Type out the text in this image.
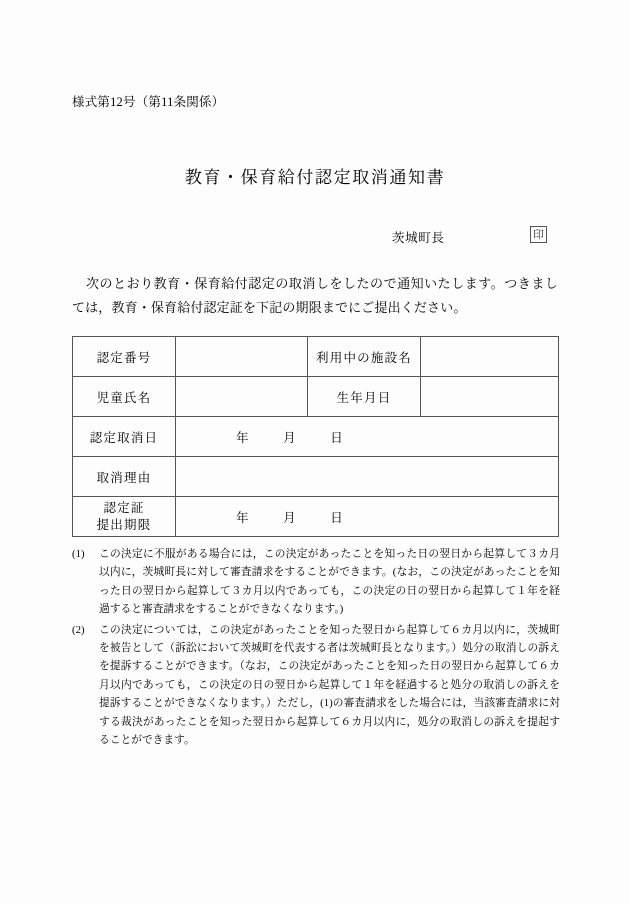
様式第12号（第11条関係）
教育・保育給付認定取消通知書
茨城町長	印
次のとおり教育・保育給付認定の取消しをしたので通知いたします。つきましては，教育・保育給付認定証を下記の期限までにご提出ください。
認定番号		利用中の施設名	
児童氏名		生年月日	
認定取消日	年 月 日		

取消理由			

認定証
提出期限	年 月 日		
(1) この決定に不服がある場合には，この決定があったことを知った日の翌日から起算して３カ月以内に，茨城町長に対して審査請求をすることができます。(なお，この決定があったことを知った日の翌日から起算して３カ月以内であっても，この決定の日の翌日から起算して１年を経過すると審査請求をすることができなくなります。)
(2) この決定については，この決定があったことを知った翌日から起算して６カ月以内に，茨城町を被告として（訴訟において茨城町を代表する者は茨城町長となります。）処分の取消しの訴えを提訴することができます。（なお，この決定があったことを知った日の翌日から起算して６カ月以内であっても，この決定の日の翌日から起算して１年を経過すると処分の取消しの訴えを提訴することができなくなります。）ただし，(1)の審査請求をした場合には，当該審査請求に対する裁決があったことを知った翌日から起算して６カ月以内に，処分の取消しの訴えを提起することができます。
